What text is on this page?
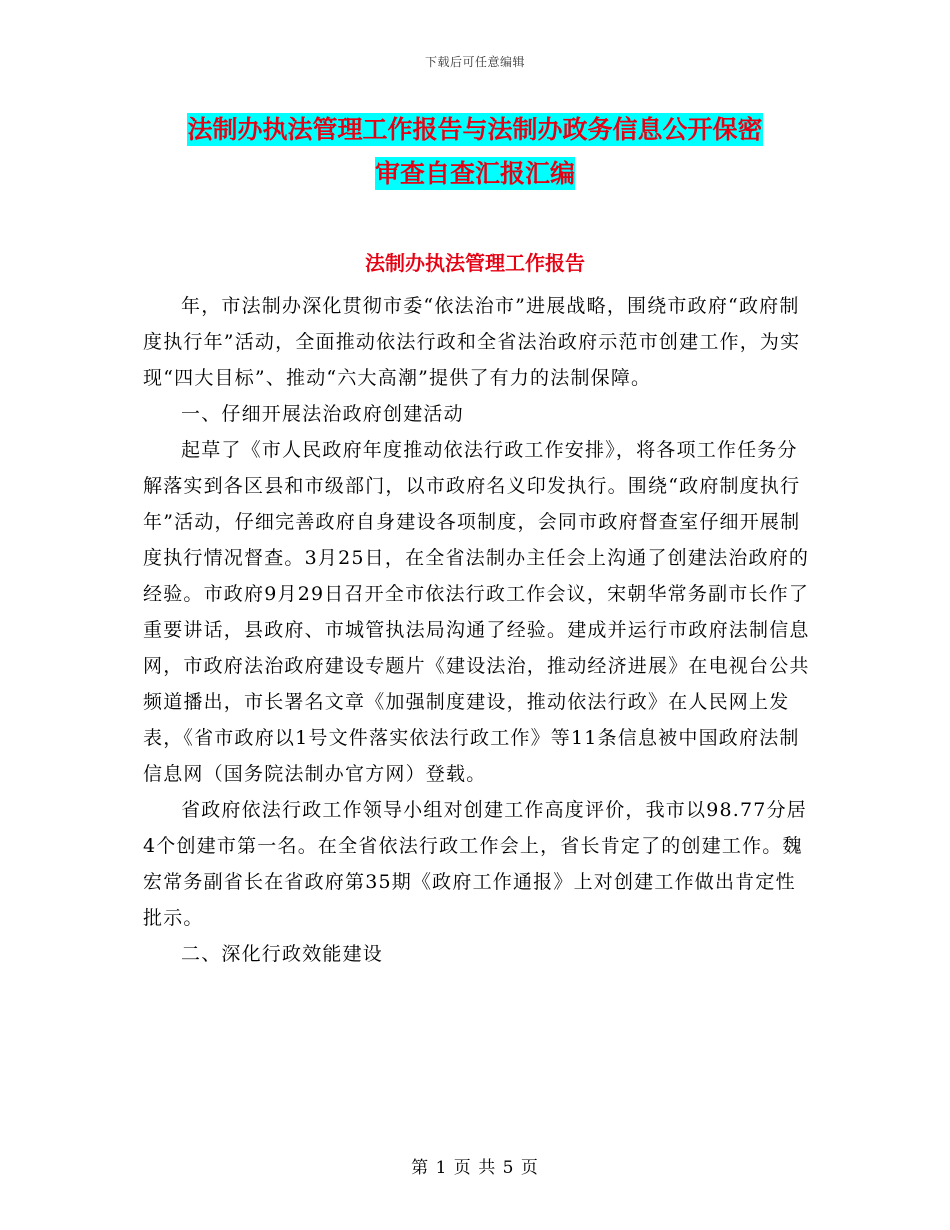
下载后可任意编辑
法制办执法管理工作报告与法制办政务信息公开保密
审查自查汇报汇编
法制办执法管理工作报告

年，市法制办深化贯彻市委“依法治市”进展战略，围绕市政府“政府制度执行年”活动，全面推动依法行政和全省法治政府示范市创建工作，为实现“四大目标”、推动“六大高潮”提供了有力的法制保障。

一、仔细开展法治政府创建活动

起草了《市人民政府年度推动依法行政工作安排》，将各项工作任务分解落实到各区县和市级部门，以市政府名义印发执行。围绕“政府制度执行年”活动，仔细完善政府自身建设各项制度，会同市政府督查室仔细开展制度执行情况督查。3月25日，在全省法制办主任会上沟通了创建法治政府的经验。市政府9月29日召开全市依法行政工作会议，宋朝华常务副市长作了重要讲话，县政府、市城管执法局沟通了经验。建成并运行市政府法制信息网，市政府法治政府建设专题片《建设法治，推动经济进展》在电视台公共频道播出，市长署名文章《加强制度建设，推动依法行政》在人民网上发表，《省市政府以1号文件落实依法行政工作》等11条信息被中国政府法制信息网（国务院法制办官方网）登载。

省政府依法行政工作领导小组对创建工作高度评价，我市以98.77分居4个创建市第一名。在全省依法行政工作会上，省长肯定了的创建工作。魏宏常务副省长在省政府第35期《政府工作通报》上对创建工作做出肯定性批示。

二、深化行政效能建设

第 1 页 共 5 页
